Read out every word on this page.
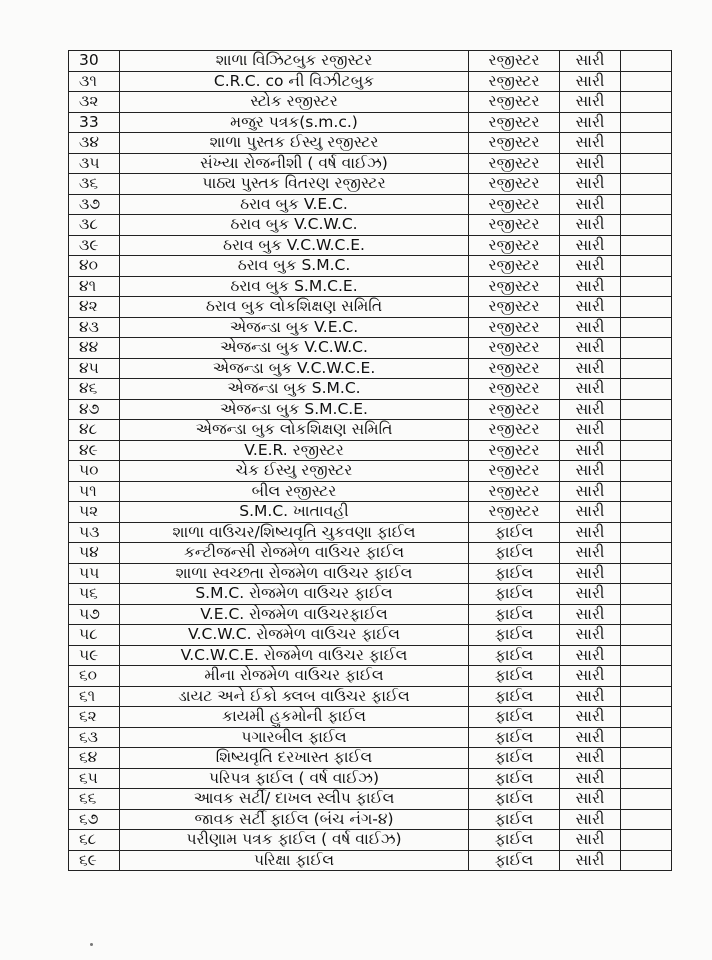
30	શાળા વિઝિટબુક રજીસ્ટર	રજીસ્ટર	સારી	
૩૧	C.R.C. co ની વિઝીટબુક	રજીસ્ટર	સારી	
૩૨	સ્ટોક રજીસ્ટર	રજીસ્ટર	સારી	
33	મજુર પત્રક(s.m.c.)	રજીસ્ટર	સારી	
૩૪	શાળા પુસ્તક ઈસ્યુ રજીસ્ટર	રજીસ્ટર	સારી	
૩૫	સંખ્યા રોજનીશી ( વર્ષ વાઈઝ)	રજીસ્ટર	સારી	
૩૬	પાઠ્ય પુસ્તક વિતરણ રજીસ્ટર	રજીસ્ટર	સારી	
૩૭	ઠરાવ બુક V.E.C.	રજીસ્ટર	સારી	
૩૮	ઠરાવ બુક V.C.W.C.	રજીસ્ટર	સારી	
૩૯	ઠરાવ બુક V.C.W.C.E.	રજીસ્ટર	સારી	
૪૦	ઠરાવ બુક S.M.C.	રજીસ્ટર	સારી	
૪૧	ઠરાવ બુક S.M.C.E.	રજીસ્ટર	સારી	
૪૨	ઠરાવ બુક લોકશિક્ષણ સમિતિ	રજીસ્ટર	સારી	
૪૩	એજન્ડા બુક V.E.C.	રજીસ્ટર	સારી	
૪૪	એજન્ડા બુક V.C.W.C.	રજીસ્ટર	સારી	
૪૫	એજન્ડા બુક V.C.W.C.E.	રજીસ્ટર	સારી	
૪૬	એજન્ડા બુક S.M.C.	રજીસ્ટર	સારી	
૪૭	એજન્ડા બુક S.M.C.E.	રજીસ્ટર	સારી	
૪૮	એજન્ડા બુક લોકશિક્ષણ સમિતિ	રજીસ્ટર	સારી	
૪૯	V.E.R. રજીસ્ટર	રજીસ્ટર	સારી	
૫૦	ચેક ઈસ્યુ રજીસ્ટર	રજીસ્ટર	સારી	
૫૧	બીલ રજીસ્ટર	રજીસ્ટર	સારી	
૫૨	S.M.C. ખાતાવહી	રજીસ્ટર	સારી	
૫૩	શાળા વાઉચર/શિષ્યવૃતિ ચુકવણા ફાઈલ	ફાઈલ	સારી	
૫૪	કન્ટીજન્સી રોજમેળ વાઉચર ફાઈલ	ફાઈલ	સારી	
૫૫	શાળા સ્વચ્છતા રોજમેળ વાઉચર ફાઈલ	ફાઈલ	સારી	
૫૬	S.M.C. રોજમેળ વાઉચર ફાઈલ	ફાઈલ	સારી	
૫૭	V.E.C. રોજમેળ વાઉચરફાઈલ	ફાઈલ	સારી	
૫૮	V.C.W.C. રોજમેળ વાઉચર ફાઈલ	ફાઈલ	સારી	
૫૯	V.C.W.C.E. રોજમેળ વાઉચર ફાઈલ	ફાઈલ	સારી	
૬૦	મીના રોજમેળ વાઉચર ફાઈલ	ફાઈલ	સારી	
૬૧	ડાયટ અને ઈકો ક્લબ વાઉચર ફાઈલ	ફાઈલ	સારી	
૬૨	કાયમી હુકમોની ફાઈલ	ફાઈલ	સારી	
૬૩	પગારબીલ ફાઈલ	ફાઈલ	સારી	
૬૪	શિષ્યવૃતિ દરખાસ્ત ફાઈલ	ફાઈલ	સારી	
૬૫	પરિપત્ર ફાઈલ ( વર્ષ વાઈઝ)	ફાઈલ	સારી	
૬૬	આવક સર્ટી/ દાખલ સ્લીપ ફાઈલ	ફાઈલ	સારી	
૬૭	જાવક સર્ટી ફાઈલ (બંચ નંગ-૪)	ફાઈલ	સારી	
૬૮	પરીણામ પત્રક ફાઈલ ( વર્ષ વાઈઝ)	ફાઈલ	સારી	
૬૯	પરિક્ષા ફાઈલ	ફાઈલ	સારી	
